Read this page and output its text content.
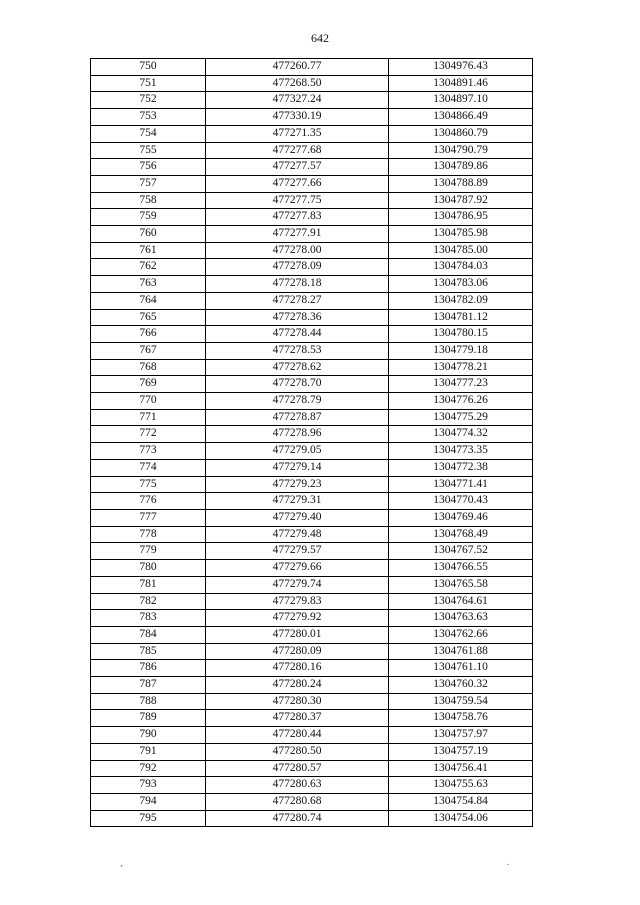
642
750	477260.77	1304976.43
751	477268.50	1304891.46
752	477327.24	1304897.10
753	477330.19	1304866.49
754	477271.35	1304860.79
755	477277.68	1304790.79
756	477277.57	1304789.86
757	477277.66	1304788.89
758	477277.75	1304787.92
759	477277.83	1304786.95
760	477277.91	1304785.98
761	477278.00	1304785.00
762	477278.09	1304784.03
763	477278.18	1304783.06
764	477278.27	1304782.09
765	477278.36	1304781.12
766	477278.44	1304780.15
767	477278.53	1304779.18
768	477278.62	1304778.21
769	477278.70	1304777.23
770	477278.79	1304776.26
771	477278.87	1304775.29
772	477278.96	1304774.32
773	477279.05	1304773.35
774	477279.14	1304772.38
775	477279.23	1304771.41
776	477279.31	1304770.43
777	477279.40	1304769.46
778	477279.48	1304768.49
779	477279.57	1304767.52
780	477279.66	1304766.55
781	477279.74	1304765.58
782	477279.83	1304764.61
783	477279.92	1304763.63
784	477280.01	1304762.66
785	477280.09	1304761.88
786	477280.16	1304761.10
787	477280.24	1304760.32
788	477280.30	1304759.54
789	477280.37	1304758.76
790	477280.44	1304757.97
791	477280.50	1304757.19
792	477280.57	1304756.41
793	477280.63	1304755.63
794	477280.68	1304754.84
795	477280.74	1304754.06
¸	.
